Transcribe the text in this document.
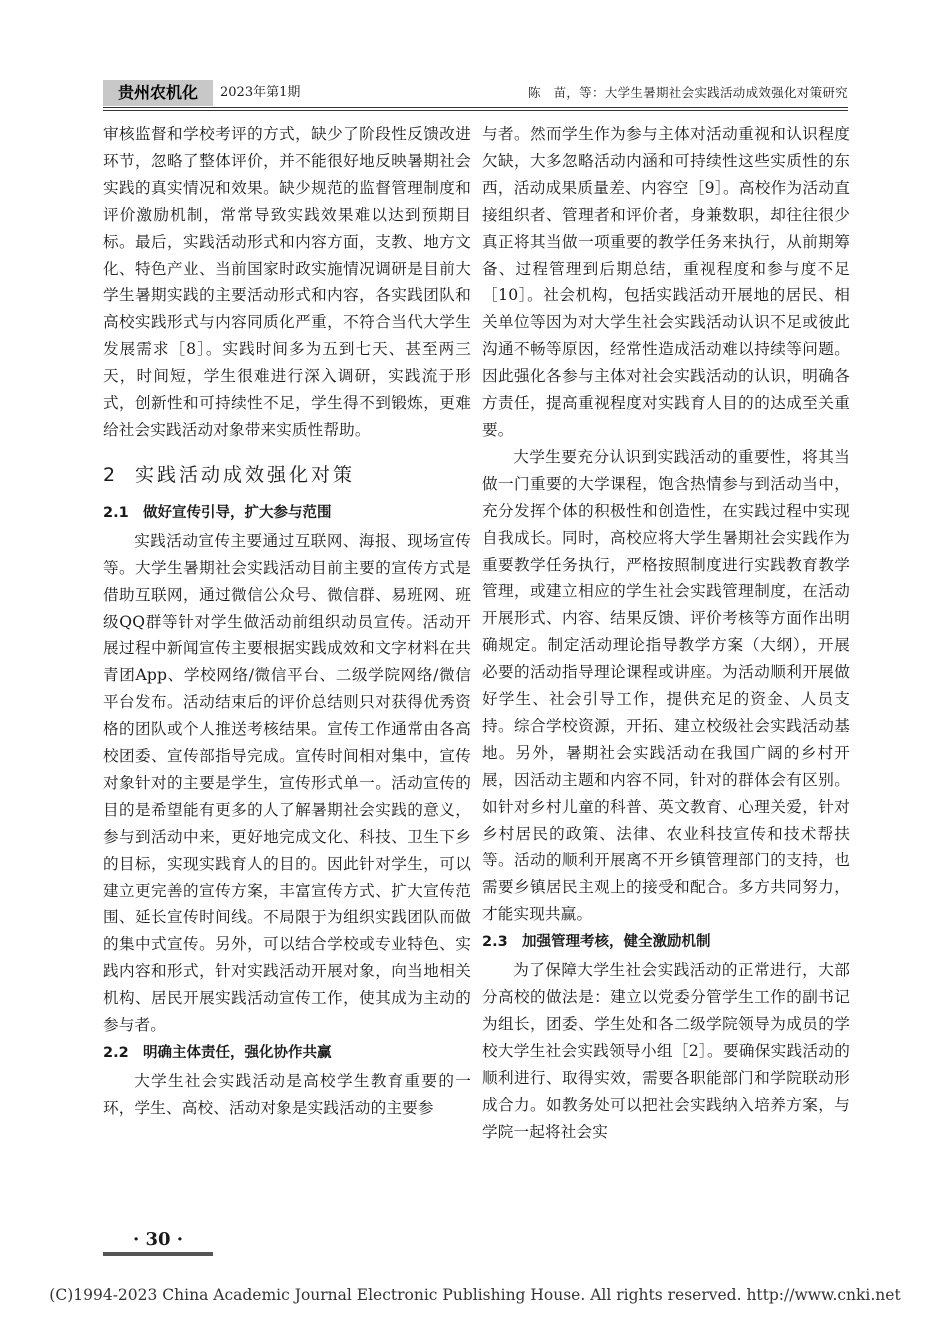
贵州农机化	2023年第1期	陈　苗，等：大学生暑期社会实践活动成效强化对策研究

审核监督和学校考评的方式，缺少了阶段性反馈改进环节，忽略了整体评价，并不能很好地反映暑期社会实践的真实情况和效果。缺少规范的监督管理制度和评价激励机制，常常导致实践效果难以达到预期目标。最后，实践活动形式和内容方面，支教、地方文化、特色产业、当前国家时政实施情况调研是目前大学生暑期实践的主要活动形式和内容，各实践团队和高校实践形式与内容同质化严重，不符合当代大学生发展需求［8］。实践时间多为五到七天、甚至两三天，时间短，学生很难进行深入调研，实践流于形式，创新性和可持续性不足，学生得不到锻炼，更难给社会实践活动对象带来实质性帮助。

2 实践活动成效强化对策
2.1 做好宣传引导，扩大参与范围

实践活动宣传主要通过互联网、海报、现场宣传等。大学生暑期社会实践活动目前主要的宣传方式是借助互联网，通过微信公众号、微信群、易班网、班级QQ群等针对学生做活动前组织动员宣传。活动开展过程中新闻宣传主要根据实践成效和文字材料在共青团App、学校网络/微信平台、二级学院网络/微信平台发布。活动结束后的评价总结则只对获得优秀资格的团队或个人推送考核结果。宣传工作通常由各高校团委、宣传部指导完成。宣传时间相对集中，宣传对象针对的主要是学生，宣传形式单一。活动宣传的目的是希望能有更多的人了解暑期社会实践的意义，参与到活动中来，更好地完成文化、科技、卫生下乡的目标，实现实践育人的目的。因此针对学生，可以建立更完善的宣传方案，丰富宣传方式、扩大宣传范围、延长宣传时间线。不局限于为组织实践团队而做的集中式宣传。另外，可以结合学校或专业特色、实践内容和形式，针对实践活动开展对象，向当地相关机构、居民开展实践活动宣传工作，使其成为主动的参与者。

2.2 明确主体责任，强化协作共赢

大学生社会实践活动是高校学生教育重要的一环，学生、高校、活动对象是实践活动的主要参

与者。然而学生作为参与主体对活动重视和认识程度欠缺，大多忽略活动内涵和可持续性这些实质性的东西，活动成果质量差、内容空［9］。高校作为活动直接组织者、管理者和评价者，身兼数职，却往往很少真正将其当做一项重要的教学任务来执行，从前期筹备、过程管理到后期总结，重视程度和参与度不足［10］。社会机构，包括实践活动开展地的居民、相关单位等因为对大学生社会实践活动认识不足或彼此沟通不畅等原因，经常性造成活动难以持续等问题。因此强化各参与主体对社会实践活动的认识，明确各方责任，提高重视程度对实践育人目的的达成至关重要。

大学生要充分认识到实践活动的重要性，将其当做一门重要的大学课程，饱含热情参与到活动当中，充分发挥个体的积极性和创造性，在实践过程中实现自我成长。同时，高校应将大学生暑期社会实践作为重要教学任务执行，严格按照制度进行实践教育教学管理，或建立相应的学生社会实践管理制度，在活动开展形式、内容、结果反馈、评价考核等方面作出明确规定。制定活动理论指导教学方案（大纲），开展必要的活动指导理论课程或讲座。为活动顺利开展做好学生、社会引导工作，提供充足的资金、人员支持。综合学校资源，开拓、建立校级社会实践活动基地。另外，暑期社会实践活动在我国广阔的乡村开展，因活动主题和内容不同，针对的群体会有区别。如针对乡村儿童的科普、英文教育、心理关爱，针对乡村居民的政策、法律、农业科技宣传和技术帮扶等。活动的顺利开展离不开乡镇管理部门的支持，也需要乡镇居民主观上的接受和配合。多方共同努力，才能实现共赢。

2.3 加强管理考核，健全激励机制

为了保障大学生社会实践活动的正常进行，大部分高校的做法是：建立以党委分管学生工作的副书记为组长，团委、学生处和各二级学院领导为成员的学校大学生社会实践领导小组［2］。要确保实践活动的顺利进行、取得实效，需要各职能部门和学院联动形成合力。如教务处可以把社会实践纳入培养方案，与学院一起将社会实

· 30 ·
(C)1994-2023 China Academic Journal Electronic Publishing House. All rights reserved. http://www.cnki.net
